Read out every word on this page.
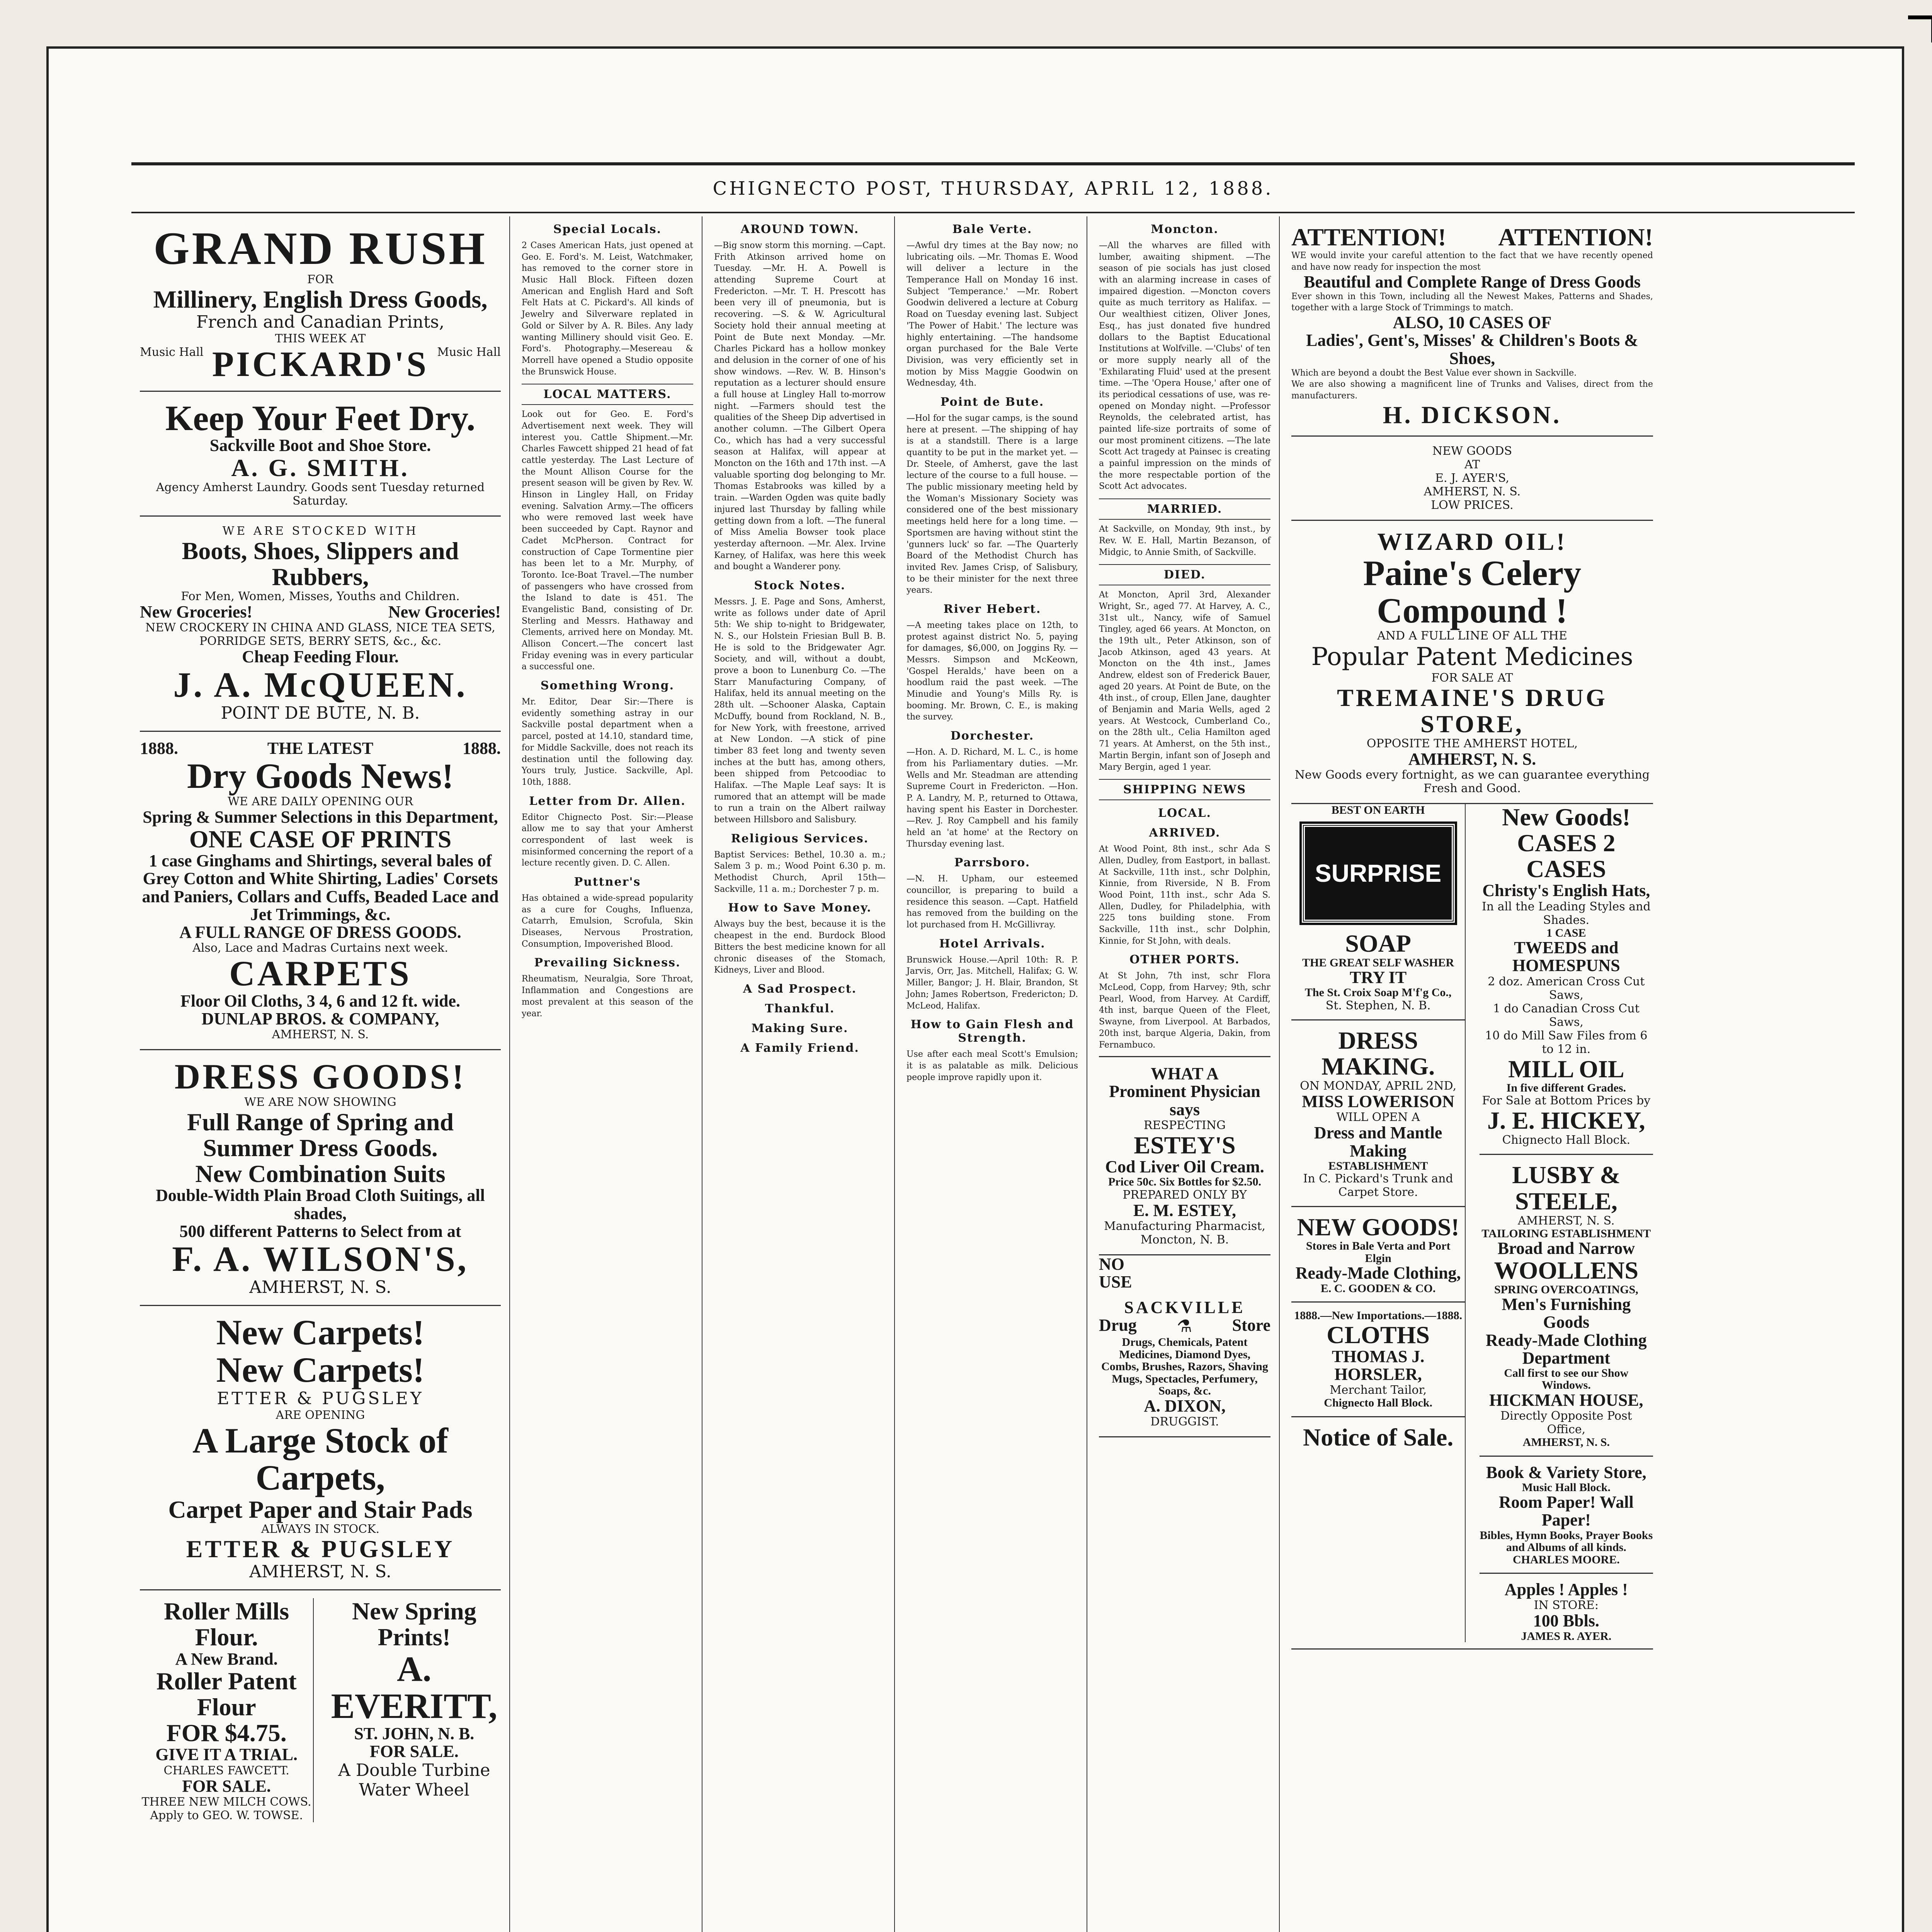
CHIGNECTO POST, THURSDAY, APRIL 12, 1888.
GRAND RUSH
FOR
Millinery, English Dress Goods,
French and Canadian Prints,
THIS WEEK AT
Music Hall PICKARD'S Music Hall
Keep Your Feet Dry.
Sackville Boot and Shoe Store.
A. G. SMITH.
Agency Amherst Laundry. Goods sent Tuesday returned Saturday.
WE ARE STOCKED WITH
Boots, Shoes, Slippers and Rubbers,
For Men, Women, Misses, Youths and Children.
New Groceries!	New Groceries!
NEW CROCKERY IN CHINA AND GLASS, NICE TEA SETS, PORRIDGE SETS, BERRY SETS, &c., &c.
Cheap Feeding Flour.
J. A. McQUEEN.
POINT DE BUTE, N. B.
1888.	THE LATEST	1888.
Dry Goods News!
WE ARE DAILY OPENING OUR
Spring & Summer Selections in this Department,
ONE CASE OF PRINTS
1 case Ginghams and Shirtings, several bales of Grey Cotton and White Shirting, Ladies' Corsets and Paniers, Collars and Cuffs, Beaded Lace and Jet Trimmings, &c.
A FULL RANGE OF DRESS GOODS.
Also, Lace and Madras Curtains next week.
CARPETS
Floor Oil Cloths, 3 4, 6 and 12 ft. wide.
DUNLAP BROS. & COMPANY,
AMHERST, N. S.
DRESS GOODS!
WE ARE NOW SHOWING
Full Range of Spring and Summer Dress Goods.
New Combination Suits
Double-Width Plain Broad Cloth Suitings, all shades,
500 different Patterns to Select from at
F. A. WILSON'S,
AMHERST, N. S.
New Carpets!
New Carpets!
ETTER & PUGSLEY
ARE OPENING
A Large Stock of Carpets,
Carpet Paper and Stair Pads
ALWAYS IN STOCK.
ETTER & PUGSLEY
AMHERST, N. S.
Roller Mills Flour.
A New Brand.
Roller Patent Flour
FOR $4.75.
GIVE IT A TRIAL.
CHARLES FAWCETT.
FOR SALE.
THREE NEW MILCH COWS. Apply to GEO. W. TOWSE.
New Spring Prints!
A. EVERITT,
ST. JOHN, N. B.
FOR SALE.
A Double Turbine Water Wheel
Special Locals.

2 Cases American Hats, just opened at Geo. E. Ford's. M. Leist, Watchmaker, has removed to the corner store in Music Hall Block. Fifteen dozen American and English Hard and Soft Felt Hats at C. Pickard's. All kinds of Jewelry and Silverware replated in Gold or Silver by A. R. Biles. Any lady wanting Millinery should visit Geo. E. Ford's. Photography.—Mesereau & Morrell have opened a Studio opposite the Brunswick House.

LOCAL MATTERS.

Look out for Geo. E. Ford's Advertisement next week. They will interest you. Cattle Shipment.—Mr. Charles Fawcett shipped 21 head of fat cattle yesterday. The Last Lecture of the Mount Allison Course for the present season will be given by Rev. W. Hinson in Lingley Hall, on Friday evening. Salvation Army.—The officers who were removed last week have been succeeded by Capt. Raynor and Cadet McPherson. Contract for construction of Cape Tormentine pier has been let to a Mr. Murphy, of Toronto. Ice-Boat Travel.—The number of passengers who have crossed from the Island to date is 451. The Evangelistic Band, consisting of Dr. Sterling and Messrs. Hathaway and Clements, arrived here on Monday. Mt. Allison Concert.—The concert last Friday evening was in every particular a successful one.

Something Wrong.

Mr. Editor, Dear Sir:—There is evidently something astray in our Sackville postal department when a parcel, posted at 14.10, standard time, for Middle Sackville, does not reach its destination until the following day. Yours truly, Justice. Sackville, Apl. 10th, 1888.

Letter from Dr. Allen.

Editor Chignecto Post. Sir:—Please allow me to say that your Amherst correspondent of last week is misinformed concerning the report of a lecture recently given. D. C. Allen.

Puttner's

Has obtained a wide-spread popularity as a cure for Coughs, Influenza, Catarrh, Emulsion, Scrofula, Skin Diseases, Nervous Prostration, Consumption, Impoverished Blood.

Prevailing Sickness.

Rheumatism, Neuralgia, Sore Throat, Inflammation and Congestions are most prevalent at this season of the year.

AROUND TOWN.

—Big snow storm this morning. —Capt. Frith Atkinson arrived home on Tuesday. —Mr. H. A. Powell is attending Supreme Court at Fredericton. —Mr. T. H. Prescott has been very ill of pneumonia, but is recovering. —S. & W. Agricultural Society hold their annual meeting at Point de Bute next Monday. —Mr. Charles Pickard has a hollow monkey and delusion in the corner of one of his show windows. —Rev. W. B. Hinson's reputation as a lecturer should ensure a full house at Lingley Hall to-morrow night. —Farmers should test the qualities of the Sheep Dip advertised in another column. —The Gilbert Opera Co., which has had a very successful season at Halifax, will appear at Moncton on the 16th and 17th inst. —A valuable sporting dog belonging to Mr. Thomas Estabrooks was killed by a train. —Warden Ogden was quite badly injured last Thursday by falling while getting down from a loft. —The funeral of Miss Amelia Bowser took place yesterday afternoon. —Mr. Alex. Irvine Karney, of Halifax, was here this week and bought a Wanderer pony.

Stock Notes.

Messrs. J. E. Page and Sons, Amherst, write as follows under date of April 5th: We ship to-night to Bridgewater, N. S., our Holstein Friesian Bull B. B. He is sold to the Bridgewater Agr. Society, and will, without a doubt, prove a boon to Lunenburg Co. —The Starr Manufacturing Company, of Halifax, held its annual meeting on the 28th ult. —Schooner Alaska, Captain McDuffy, bound from Rockland, N. B., for New York, with freestone, arrived at New London. —A stick of pine timber 83 feet long and twenty seven inches at the butt has, among others, been shipped from Petcoodiac to Halifax. —The Maple Leaf says: It is rumored that an attempt will be made to run a train on the Albert railway between Hillsboro and Salisbury.

Religious Services.

Baptist Services: Bethel, 10.30 a. m.; Salem 3 p. m.; Wood Point 6.30 p. m. Methodist Church, April 15th—Sackville, 11 a. m.; Dorchester 7 p. m.

How to Save Money.

Always buy the best, because it is the cheapest in the end. Burdock Blood Bitters the best medicine known for all chronic diseases of the Stomach, Kidneys, Liver and Blood.

A Sad Prospect.
Thankful.
Making Sure.
A Family Friend.
Bale Verte.

—Awful dry times at the Bay now; no lubricating oils. —Mr. Thomas E. Wood will deliver a lecture in the Temperance Hall on Monday 16 inst. Subject 'Temperance.' —Mr. Robert Goodwin delivered a lecture at Coburg Road on Tuesday evening last. Subject 'The Power of Habit.' The lecture was highly entertaining. —The handsome organ purchased for the Bale Verte Division, was very efficiently set in motion by Miss Maggie Goodwin on Wednesday, 4th.

Point de Bute.

—Hol for the sugar camps, is the sound here at present. —The shipping of hay is at a standstill. There is a large quantity to be put in the market yet. —Dr. Steele, of Amherst, gave the last lecture of the course to a full house. —The public missionary meeting held by the Woman's Missionary Society was considered one of the best missionary meetings held here for a long time. —Sportsmen are having without stint the 'gunners luck' so far. —The Quarterly Board of the Methodist Church has invited Rev. James Crisp, of Salisbury, to be their minister for the next three years.

River Hebert.

—A meeting takes place on 12th, to protest against district No. 5, paying for damages, $6,000, on Joggins Ry. —Messrs. Simpson and McKeown, 'Gospel Heralds,' have been on a hoodlum raid the past week. —The Minudie and Young's Mills Ry. is booming. Mr. Brown, C. E., is making the survey.

Dorchester.

—Hon. A. D. Richard, M. L. C., is home from his Parliamentary duties. —Mr. Wells and Mr. Steadman are attending Supreme Court in Fredericton. —Hon. P. A. Landry, M. P., returned to Ottawa, having spent his Easter in Dorchester. —Rev. J. Roy Campbell and his family held an 'at home' at the Rectory on Thursday evening last.

Parrsboro.

—N. H. Upham, our esteemed councillor, is preparing to build a residence this season. —Capt. Hatfield has removed from the building on the lot purchased from H. McGillivray.

Hotel Arrivals.

Brunswick House.—April 10th: R. P. Jarvis, Orr, Jas. Mitchell, Halifax; G. W. Miller, Bangor; J. H. Blair, Brandon, St John; James Robertson, Fredericton; D. McLeod, Halifax.

How to Gain Flesh and Strength.

Use after each meal Scott's Emulsion; it is as palatable as milk. Delicious people improve rapidly upon it.

Moncton.

—All the wharves are filled with lumber, awaiting shipment. —The season of pie socials has just closed with an alarming increase in cases of impaired digestion. —Moncton covers quite as much territory as Halifax. —Our wealthiest citizen, Oliver Jones, Esq., has just donated five hundred dollars to the Baptist Educational Institutions at Wolfville. —'Clubs' of ten or more supply nearly all of the 'Exhilarating Fluid' used at the present time. —The 'Opera House,' after one of its periodical cessations of use, was re-opened on Monday night. —Professor Reynolds, the celebrated artist, has painted life-size portraits of some of our most prominent citizens. —The late Scott Act tragedy at Painsec is creating a painful impression on the minds of the more respectable portion of the Scott Act advocates.

MARRIED.

At Sackville, on Monday, 9th inst., by Rev. W. E. Hall, Martin Bezanson, of Midgic, to Annie Smith, of Sackville.

DIED.

At Moncton, April 3rd, Alexander Wright, Sr., aged 77. At Harvey, A. C., 31st ult., Nancy, wife of Samuel Tingley, aged 66 years. At Moncton, on the 19th ult., Peter Atkinson, son of Jacob Atkinson, aged 43 years. At Moncton on the 4th inst., James Andrew, eldest son of Frederick Bauer, aged 20 years. At Point de Bute, on the 4th inst., of croup, Ellen Jane, daughter of Benjamin and Maria Wells, aged 2 years. At Westcock, Cumberland Co., on the 28th ult., Celia Hamilton aged 71 years. At Amherst, on the 5th inst., Martin Bergin, infant son of Joseph and Mary Bergin, aged 1 year.

SHIPPING NEWS
LOCAL.
ARRIVED.

At Wood Point, 8th inst., schr Ada S Allen, Dudley, from Eastport, in ballast. At Sackville, 11th inst., schr Dolphin, Kinnie, from Riverside, N B. From Wood Point, 11th inst., schr Ada S. Allen, Dudley, for Philadelphia, with 225 tons building stone. From Sackville, 11th inst., schr Dolphin, Kinnie, for St John, with deals.

OTHER PORTS.

At St John, 7th inst, schr Flora McLeod, Copp, from Harvey; 9th, schr Pearl, Wood, from Harvey. At Cardiff, 4th inst, barque Queen of the Fleet, Swayne, from Liverpool. At Barbados, 20th inst, barque Algeria, Dakin, from Fernambuco.

WHAT A
Prominent Physician says
RESPECTING
ESTEY'S
Cod Liver Oil Cream.
Price 50c. Six Bottles for $2.50.
PREPARED ONLY BY
E. M. ESTEY,
Manufacturing Pharmacist, Moncton, N. B.
NO
USE
SACKVILLE
Drug ⚗ Store
Drugs, Chemicals, Patent Medicines, Diamond Dyes, Combs, Brushes, Razors, Shaving Mugs, Spectacles, Perfumery, Soaps, &c.
A. DIXON,
DRUGGIST.
ATTENTION! ATTENTION!
WE would invite your careful attention to the fact that we have recently opened and have now ready for inspection the most
Beautiful and Complete Range of Dress Goods
Ever shown in this Town, including all the Newest Makes, Patterns and Shades, together with a large Stock of Trimmings to match.
ALSO, 10 CASES OF
Ladies', Gent's, Misses' & Children's Boots & Shoes,
Which are beyond a doubt the Best Value ever shown in Sackville.
We are also showing a magnificent line of Trunks and Valises, direct from the manufacturers.
H. DICKSON.
NEW GOODS
AT
E. J. AYER'S,
AMHERST, N. S.
LOW PRICES.
WIZARD OIL!
Paine's Celery Compound !
AND A FULL LINE OF ALL THE
Popular Patent Medicines
FOR SALE AT
TREMAINE'S DRUG STORE,
OPPOSITE THE AMHERST HOTEL,
AMHERST, N. S.
New Goods every fortnight, as we can guarantee everything Fresh and Good.
BEST ON EARTH
SURPRISE
SOAP
THE GREAT SELF WASHER
TRY IT
The St. Croix Soap M'f'g Co.,
St. Stephen, N. B.
DRESS MAKING.
ON MONDAY, APRIL 2ND,
MISS LOWERISON
WILL OPEN A
Dress and Mantle Making
ESTABLISHMENT
In C. Pickard's Trunk and Carpet Store.
NEW GOODS!
Stores in Bale Verta and Port Elgin
Ready-Made Clothing,
E. C. GOODEN & CO.
1888.—New Importations.—1888.
CLOTHS
THOMAS J. HORSLER,
Merchant Tailor,
Chignecto Hall Block.
Notice of Sale.
New Goods!
CASES 2 CASES
Christy's English Hats,
In all the Leading Styles and Shades.
1 CASE
TWEEDS and HOMESPUNS
2 doz. American Cross Cut Saws,
1 do Canadian Cross Cut Saws,
10 do Mill Saw Files from 6 to 12 in.
MILL OIL
In five different Grades.
For Sale at Bottom Prices by
J. E. HICKEY,
Chignecto Hall Block.
LUSBY & STEELE,
AMHERST, N. S.
TAILORING ESTABLISHMENT
Broad and Narrow
WOOLLENS
SPRING OVERCOATINGS,
Men's Furnishing Goods
Ready-Made Clothing Department
Call first to see our Show Windows.
HICKMAN HOUSE,
Directly Opposite Post Office,
AMHERST, N. S.
Book & Variety Store,
Music Hall Block.
Room Paper! Wall Paper!
Bibles, Hymn Books, Prayer Books and Albums of all kinds.
CHARLES MOORE.
Apples ! Apples !
IN STORE:
100 Bbls.
JAMES R. AYER.
